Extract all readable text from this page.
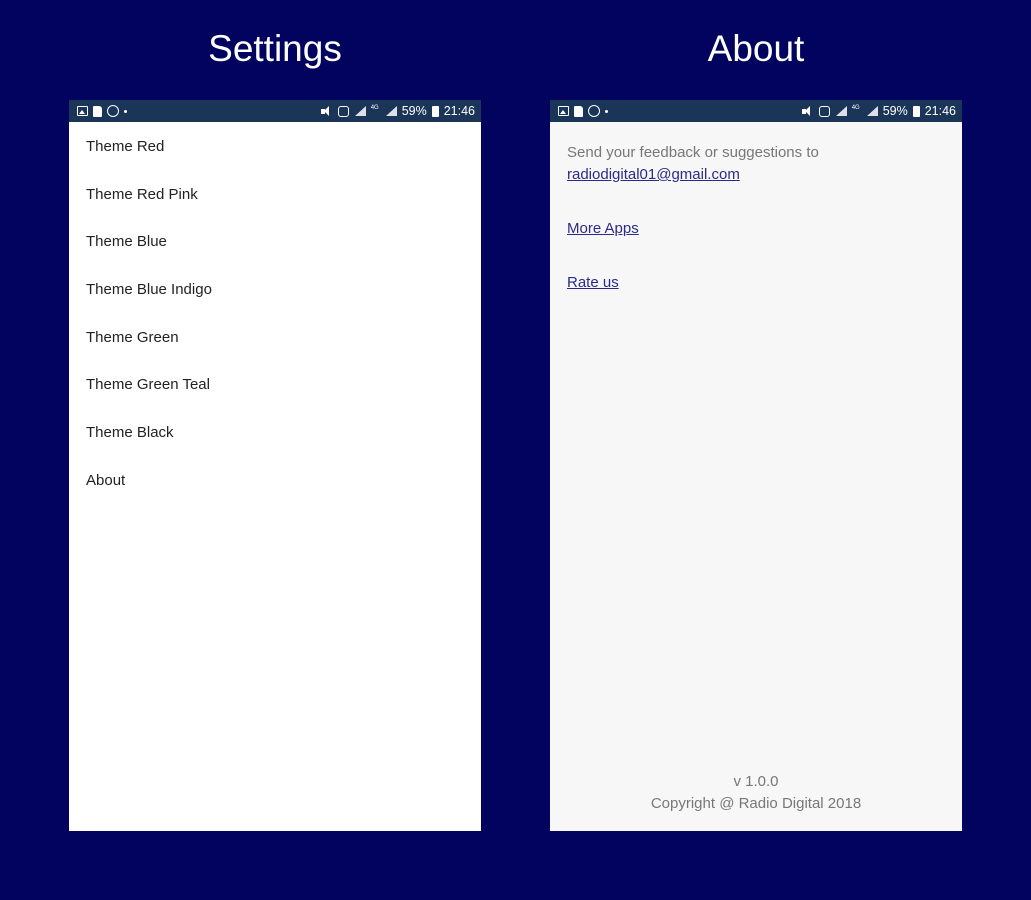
Settings	About
4G 59% 21:46
Theme Red
Theme Red Pink
Theme Blue
Theme Blue Indigo
Theme Green
Theme Green Teal
Theme Black
About
4G 59% 21:46
Send your feedback or suggestions to
radiodigital01@gmail.com
More Apps
Rate us
v 1.0.0
Copyright @ Radio Digital 2018
